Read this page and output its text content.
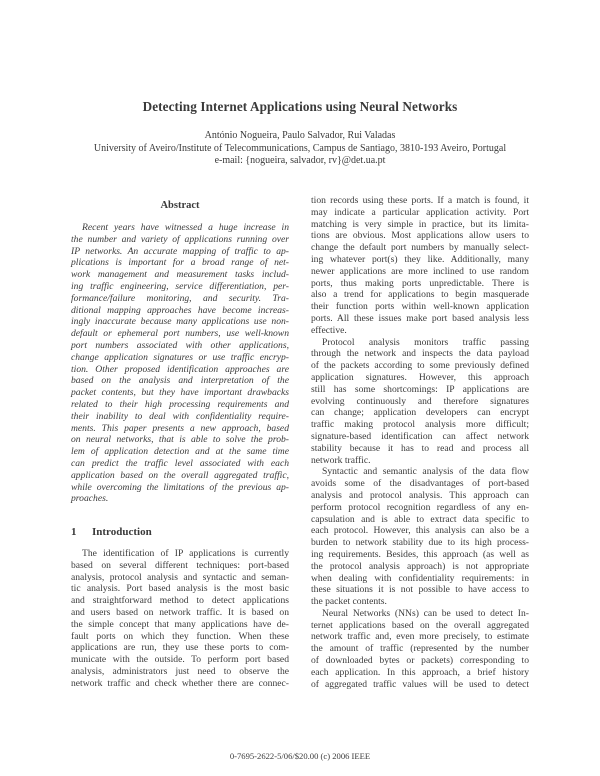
Detecting Internet Applications using Neural Networks
António Nogueira, Paulo Salvador, Rui Valadas
University of Aveiro/Institute of Telecommunications, Campus de Santiago, 3810-193 Aveiro, Portugal
e-mail: {nogueira, salvador, rv}@det.ua.pt
Abstract
Recent years have witnessed a huge increase in
the number and variety of applications running over
IP networks. An accurate mapping of traffic to ap-
plications is important for a broad range of net-
work management and measurement tasks includ-
ing traffic engineering, service differentiation, per-
formance/failure monitoring, and security. Tra-
ditional mapping approaches have become increas-
ingly inaccurate because many applications use non-
default or ephemeral port numbers, use well-known
port numbers associated with other applications,
change application signatures or use traffic encryp-
tion. Other proposed identification approaches are
based on the analysis and interpretation of the
packet contents, but they have important drawbacks
related to their high processing requirements and
their inability to deal with confidentiality require-
ments. This paper presents a new approach, based
on neural networks, that is able to solve the prob-
lem of application detection and at the same time
can predict the traffic level associated with each
application based on the overall aggregated traffic,
while overcoming the limitations of the previous ap-
proaches.
1 Introduction
The identification of IP applications is currently
based on several different techniques: port-based
analysis, protocol analysis and syntactic and seman-
tic analysis. Port based analysis is the most basic
and straightforward method to detect applications
and users based on network traffic. It is based on
the simple concept that many applications have de-
fault ports on which they function. When these
applications are run, they use these ports to com-
municate with the outside. To perform port based
analysis, administrators just need to observe the
network traffic and check whether there are connec-
tion records using these ports. If a match is found, it
may indicate a particular application activity. Port
matching is very simple in practice, but its limita-
tions are obvious. Most applications allow users to
change the default port numbers by manually select-
ing whatever port(s) they like. Additionally, many
newer applications are more inclined to use random
ports, thus making ports unpredictable. There is
also a trend for applications to begin masquerade
their function ports within well-known application
ports. All these issues make port based analysis less
effective.
Protocol analysis monitors traffic passing
through the network and inspects the data payload
of the packets according to some previously defined
application signatures. However, this approach
still has some shortcomings: IP applications are
evolving continuously and therefore signatures
can change; application developers can encrypt
traffic making protocol analysis more difficult;
signature-based identification can affect network
stability because it has to read and process all
network traffic.
Syntactic and semantic analysis of the data flow
avoids some of the disadvantages of port-based
analysis and protocol analysis. This approach can
perform protocol recognition regardless of any en-
capsulation and is able to extract data specific to
each protocol. However, this analysis can also be a
burden to network stability due to its high process-
ing requirements. Besides, this approach (as well as
the protocol analysis approach) is not appropriate
when dealing with confidentiality requirements: in
these situations it is not possible to have access to
the packet contents.
Neural Networks (NNs) can be used to detect In-
ternet applications based on the overall aggregated
network traffic and, even more precisely, to estimate
the amount of traffic (represented by the number
of downloaded bytes or packets) corresponding to
each application. In this approach, a brief history
of aggregated traffic values will be used to detect
0-7695-2622-5/06/$20.00 (c) 2006 IEEE
